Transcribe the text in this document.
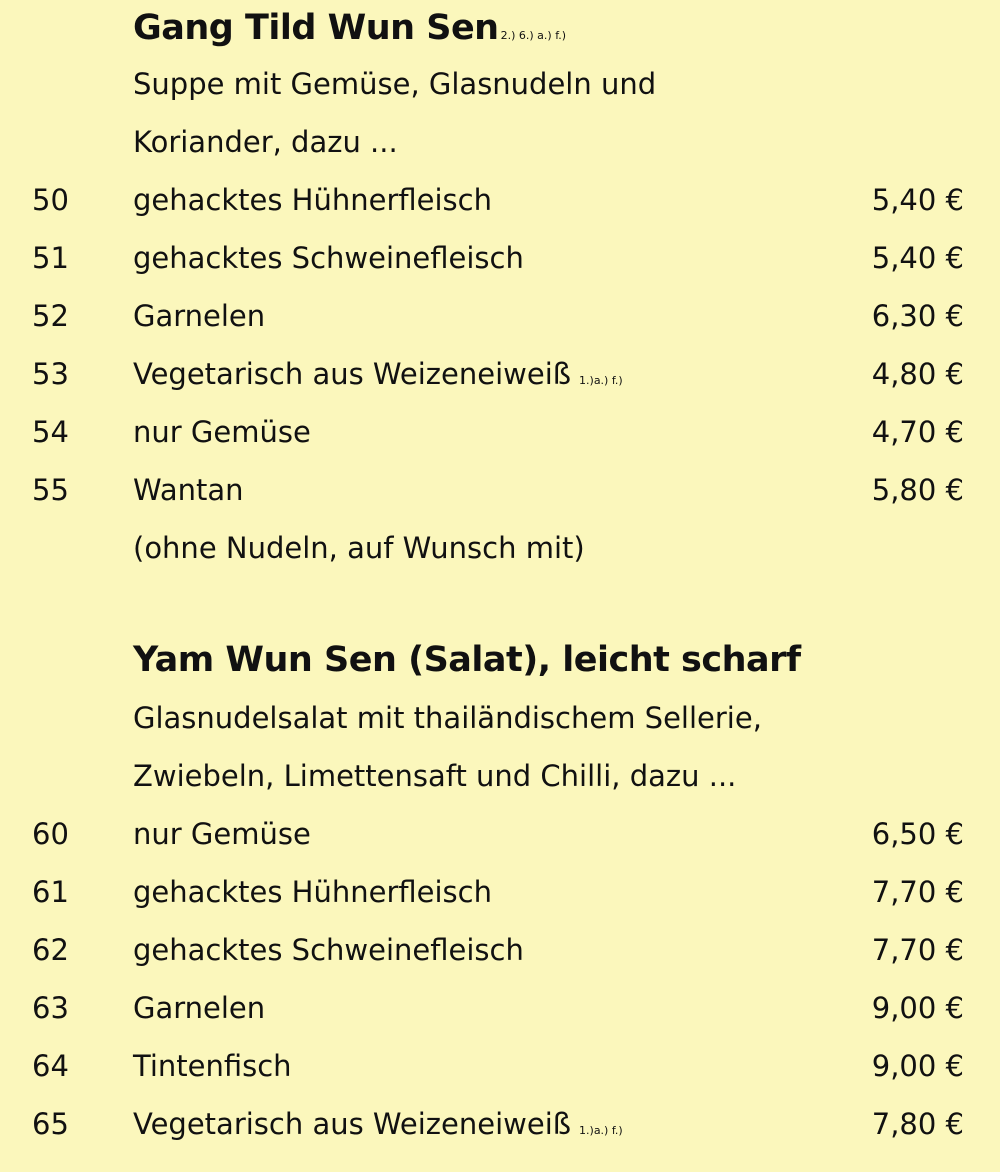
Gang Tild Wun Sen 2.) 6.) a.) f.)
Suppe mit Gemüse, Glasnudeln und
Koriander, dazu ...
50 gehacktes Hühnerfleisch	5,40 €
51 gehacktes Schweinefleisch	5,40 €
52 Garnelen	6,30 €
53 Vegetarisch aus Weizeneiweiß 1.)a.) f.)	4,80 €
54 nur Gemüse	4,70 €
55 Wantan	5,80 €
(ohne Nudeln, auf Wunsch mit)
Yam Wun Sen (Salat), leicht scharf
Glasnudelsalat mit thailändischem Sellerie,
Zwiebeln, Limettensaft und Chilli, dazu ...
60 nur Gemüse	6,50 €
61 gehacktes Hühnerfleisch	7,70 €
62 gehacktes Schweinefleisch	7,70 €
63 Garnelen	9,00 €
64 Tintenfisch	9,00 €
65 Vegetarisch aus Weizeneiweiß 1.)a.) f.)	7,80 €
